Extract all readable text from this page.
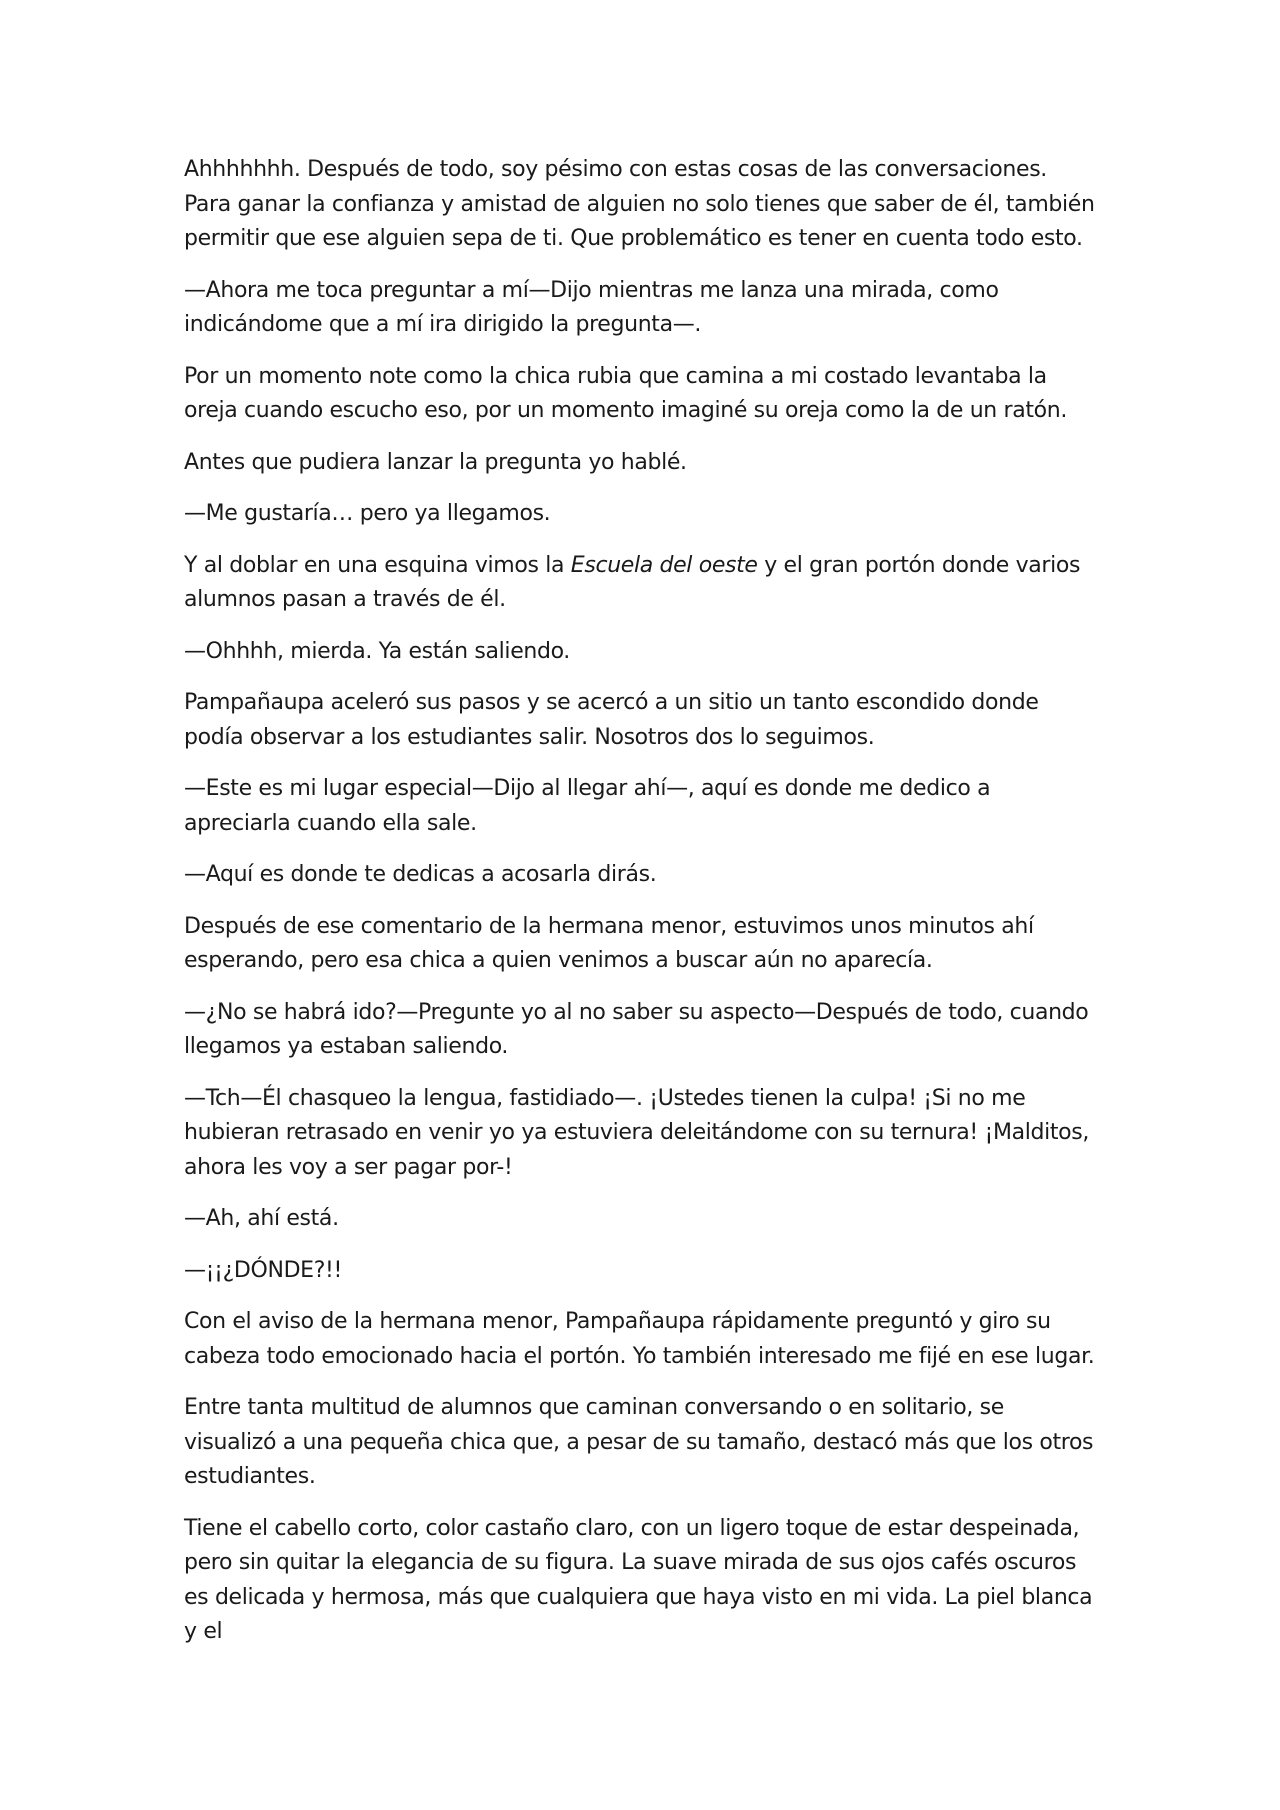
Ahhhhhhh. Después de todo, soy pésimo con estas cosas de las conversaciones. Para ganar la confianza y amistad de alguien no solo tienes que saber de él, también permitir que ese alguien sepa de ti. Que problemático es tener en cuenta todo esto.

—Ahora me toca preguntar a mí—Dijo mientras me lanza una mirada, como indicándome que a mí ira dirigido la pregunta—.

Por un momento note como la chica rubia que camina a mi costado levantaba la oreja cuando escucho eso, por un momento imaginé su oreja como la de un ratón.

Antes que pudiera lanzar la pregunta yo hablé.

—Me gustaría… pero ya llegamos.

Y al doblar en una esquina vimos la Escuela del oeste y el gran portón donde varios alumnos pasan a través de él.

—Ohhhh, mierda. Ya están saliendo.

Pampañaupa aceleró sus pasos y se acercó a un sitio un tanto escondido donde podía observar a los estudiantes salir. Nosotros dos lo seguimos.

—Este es mi lugar especial—Dijo al llegar ahí—, aquí es donde me dedico a apreciarla cuando ella sale.

—Aquí es donde te dedicas a acosarla dirás.

Después de ese comentario de la hermana menor, estuvimos unos minutos ahí esperando, pero esa chica a quien venimos a buscar aún no aparecía.

—¿No se habrá ido?—Pregunte yo al no saber su aspecto—Después de todo, cuando llegamos ya estaban saliendo.

—Tch—Él chasqueo la lengua, fastidiado—. ¡Ustedes tienen la culpa! ¡Si no me hubieran retrasado en venir yo ya estuviera deleitándome con su ternura! ¡Malditos, ahora les voy a ser pagar por-!

—Ah, ahí está.

—¡¡¿DÓNDE?!!

Con el aviso de la hermana menor, Pampañaupa rápidamente preguntó y giro su cabeza todo emocionado hacia el portón. Yo también interesado me fijé en ese lugar.

Entre tanta multitud de alumnos que caminan conversando o en solitario, se visualizó a una pequeña chica que, a pesar de su tamaño, destacó más que los otros estudiantes.

Tiene el cabello corto, color castaño claro, con un ligero toque de estar despeinada, pero sin quitar la elegancia de su figura. La suave mirada de sus ojos cafés oscuros es delicada y hermosa, más que cualquiera que haya visto en mi vida. La piel blanca y el
